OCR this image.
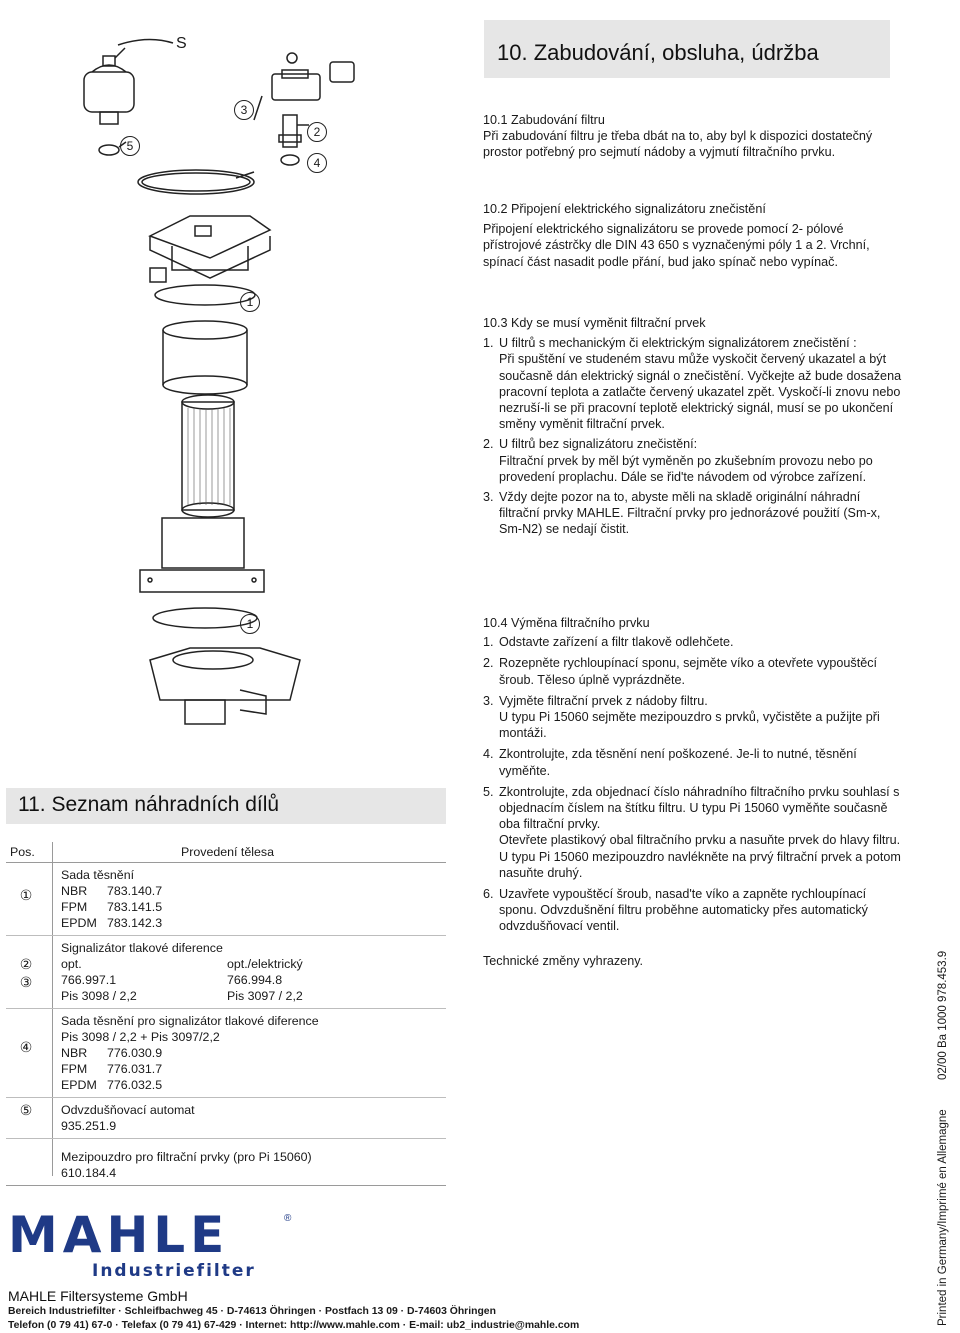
10. Zabudování, obsluha, údržba
S
3
2
5
4
1
1

10.1 Zabudování filtru

Při zabudování filtru je třeba dbát na to, aby byl k dispozici dostatečný prostor potřebný pro sejmutí nádoby a vyjmutí filtračního prvku.

10.2 Připojení elektrického signalizátoru znečistění

Připojení elektrického signalizátoru se provede pomocí 2- pólové přístrojové zástrčky dle DIN 43 650 s vyznačenými póly 1 a 2. Vrchní, spínací část nasadit podle přání, bud jako spínač nebo vypínač.

10.3 Kdy se musí vyměnit filtrační prvek

1. U filtrů s mechanickým či elektrickým signalizátorem znečistění :
Při spuštění ve studeném stavu může vyskočit červený ukazatel a být současně dán elektrický signál o znečistění. Vyčkejte až bude dosažena pracovní teplota a zatlačte červený ukazatel zpět. Vyskočí-li znovu nebo nezruší-li se při pracovní teplotě elektrický signál, musí se po ukončení směny vyměnit filtrační prvek.
2. U filtrů bez signalizátoru znečistění:
Filtrační prvek by měl být vyměněn po zkušebním provozu nebo po provedení proplachu. Dále se řid'te návodem od výrobce zařízení.
3. Vždy dejte pozor na to, abyste měli na skladě originální náhradní filtrační prvky MAHLE. Filtrační prvky pro jednorázové použití (Sm-x, Sm-N2) se nedají čistit.

10.4 Výměna filtračního prvku

1. Odstavte zařízení a filtr tlakově odlehčete.
2. Rozepněte rychloupínací sponu, sejměte víko a otevřete vypouštěcí šroub. Těleso úplně vyprázdněte.
3. Vyjměte filtrační prvek z nádoby filtru.
U typu Pi 15060 sejměte mezipouzdro s prvků, vyčistěte a pužijte při montáži.
4. Zkontrolujte, zda těsnění není poškozené. Je-li to nutné, těsnění vyměňte.
5. Zkontrolujte, zda objednací číslo náhradního filtračního prvku souhlasí s objednacím číslem na štítku filtru. U typu Pi 15060 vyměňte současně oba filtrační prvky.
Otevřete plastikový obal filtračního prvku a nasuňte prvek do hlavy filtru. U typu Pi 15060 mezipouzdro navlékněte na prvý filtrační prvek a potom nasuňte druhý.
6. Uzavřete vypouštěcí šroub, nasad'te víko a zapněte rychloupínací sponu. Odvzdušnění filtru proběhne automaticky přes automatický odvzdušňovací ventil.

Technické změny vyhrazeny.

11. Seznam náhradních dílů
Pos.	Provedení tělesa
①
Sada těsnění
NBR	783.140.7
FPM	783.141.5
EPDM 783.142.3
②
③
Signalizátor tlakové diference
opt.	opt./elektrický
766.997.1	766.994.8
Pis 3098 / 2,2	Pis 3097 / 2,2
④
Sada těsnění pro signalizátor tlakové diference
Pis 3098 / 2,2 + Pis 3097/2,2
NBR	776.030.9
FPM	776.031.7
EPDM 776.032.5
⑤	Odvzdušňovací automat
935.251.9
Mezipouzdro pro filtrační prvky (pro Pi 15060)
610.184.4
MAHLE	®
Industriefilter
MAHLE Filtersysteme GmbH
Bereich Industriefilter · Schleifbachweg 45 · D-74613 Öhringen · Postfach 13 09 · D-74603 Öhringen
Telefon (0 79 41) 67-0 · Telefax (0 79 41) 67-429 · Internet: http://www.mahle.com · E-mail: ub2_industrie@mahle.com
02/00 Ba 1000 978.453.9
Printed in Germany/Imprimé en Allemagne
